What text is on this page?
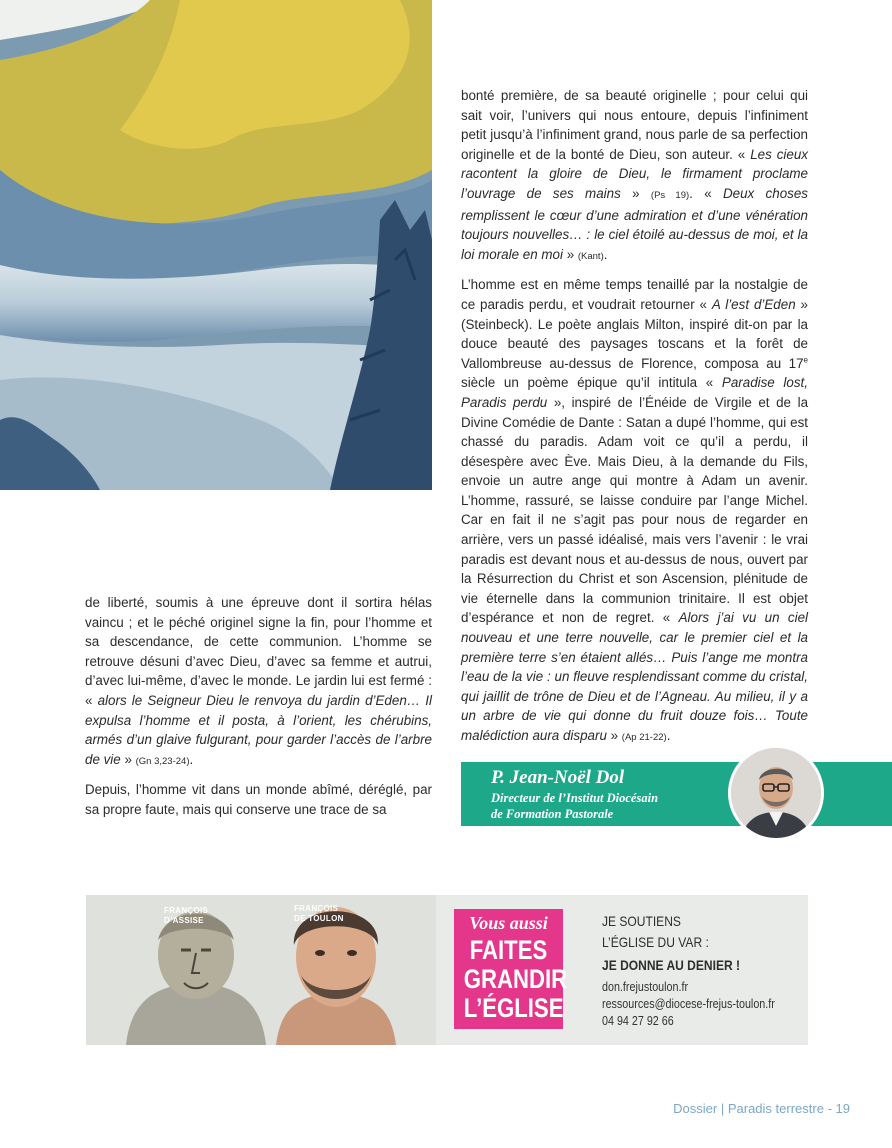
bonté première, de sa beauté originelle ; pour celui qui sait voir, l’univers qui nous entoure, depuis l’infiniment petit jusqu’à l’infiniment grand, nous parle de sa perfection originelle et de la bonté de Dieu, son auteur. « Les cieux racontent la gloire de Dieu, le firmament proclame l’ouvrage de ses mains » (Ps 19). « Deux choses remplissent le cœur d’une admiration et d’une vénération toujours nouvelles… : le ciel étoilé au-dessus de moi, et la loi morale en moi » (Kant).

L’homme est en même temps tenaillé par la nostalgie de ce paradis perdu, et voudrait retourner « A l’est d’Eden » (Steinbeck). Le poète anglais Milton, inspiré dit-on par la douce beauté des paysages toscans et la forêt de Vallombreuse au-dessus de Florence, composa au 17e siècle un poème épique qu’il intitula « Paradise lost, Paradis perdu », inspiré de l’Énéide de Virgile et de la Divine Comédie de Dante : Satan a dupé l’homme, qui est chassé du paradis. Adam voit ce qu’il a perdu, il désespère avec Ève. Mais Dieu, à la demande du Fils, envoie un autre ange qui montre à Adam un avenir. L’homme, rassuré, se laisse conduire par l’ange Michel. Car en fait il ne s’agit pas pour nous de regarder en arrière, vers un passé idéalisé, mais vers l’avenir : le vrai paradis est devant nous et au-dessus de nous, ouvert par la Résurrection du Christ et son Ascension, plénitude de vie éternelle dans la communion trinitaire. Il est objet d’espérance et non de regret. « Alors j’ai vu un ciel nouveau et une terre nouvelle, car le premier ciel et la première terre s’en étaient allés… Puis l’ange me montra l’eau de la vie : un fleuve resplendissant comme du cristal, qui jaillit de trône de Dieu et de l’Agneau. Au milieu, il y a un arbre de vie qui donne du fruit douze fois… Toute malédiction aura disparu » (Ap 21-22).

de liberté, soumis à une épreuve dont il sortira hélas vaincu ; et le péché originel signe la fin, pour l’homme et sa descendance, de cette communion. L’homme se retrouve désuni d’avec Dieu, d’avec sa femme et autrui, d’avec lui-même, d’avec le monde. Le jardin lui est fermé : « alors le Seigneur Dieu le renvoya du jardin d’Eden… Il expulsa l’homme et il posta, à l’orient, les chérubins, armés d’un glaive fulgurant, pour garder l’accès de l’arbre de vie » (Gn 3,23-24).

Depuis, l’homme vit dans un monde abîmé, déréglé, par sa propre faute, mais qui conserve une trace de sa

P. Jean-Noël Dol
Directeur de l’Institut Diocésain
de Formation Pastorale
FRANÇOIS
D’ASSISE
FRANÇOIS
DE TOULON	Vous aussi
FAITES
GRANDIR
L’ÉGLISE
JE SOUTIENS
L’ÉGLISE DU VAR :
JE DONNE AU DENIER !
don.frejustoulon.fr
ressources@diocese-frejus-toulon.fr
04 94 27 92 66
Dossier | Paradis terrestre - 19
